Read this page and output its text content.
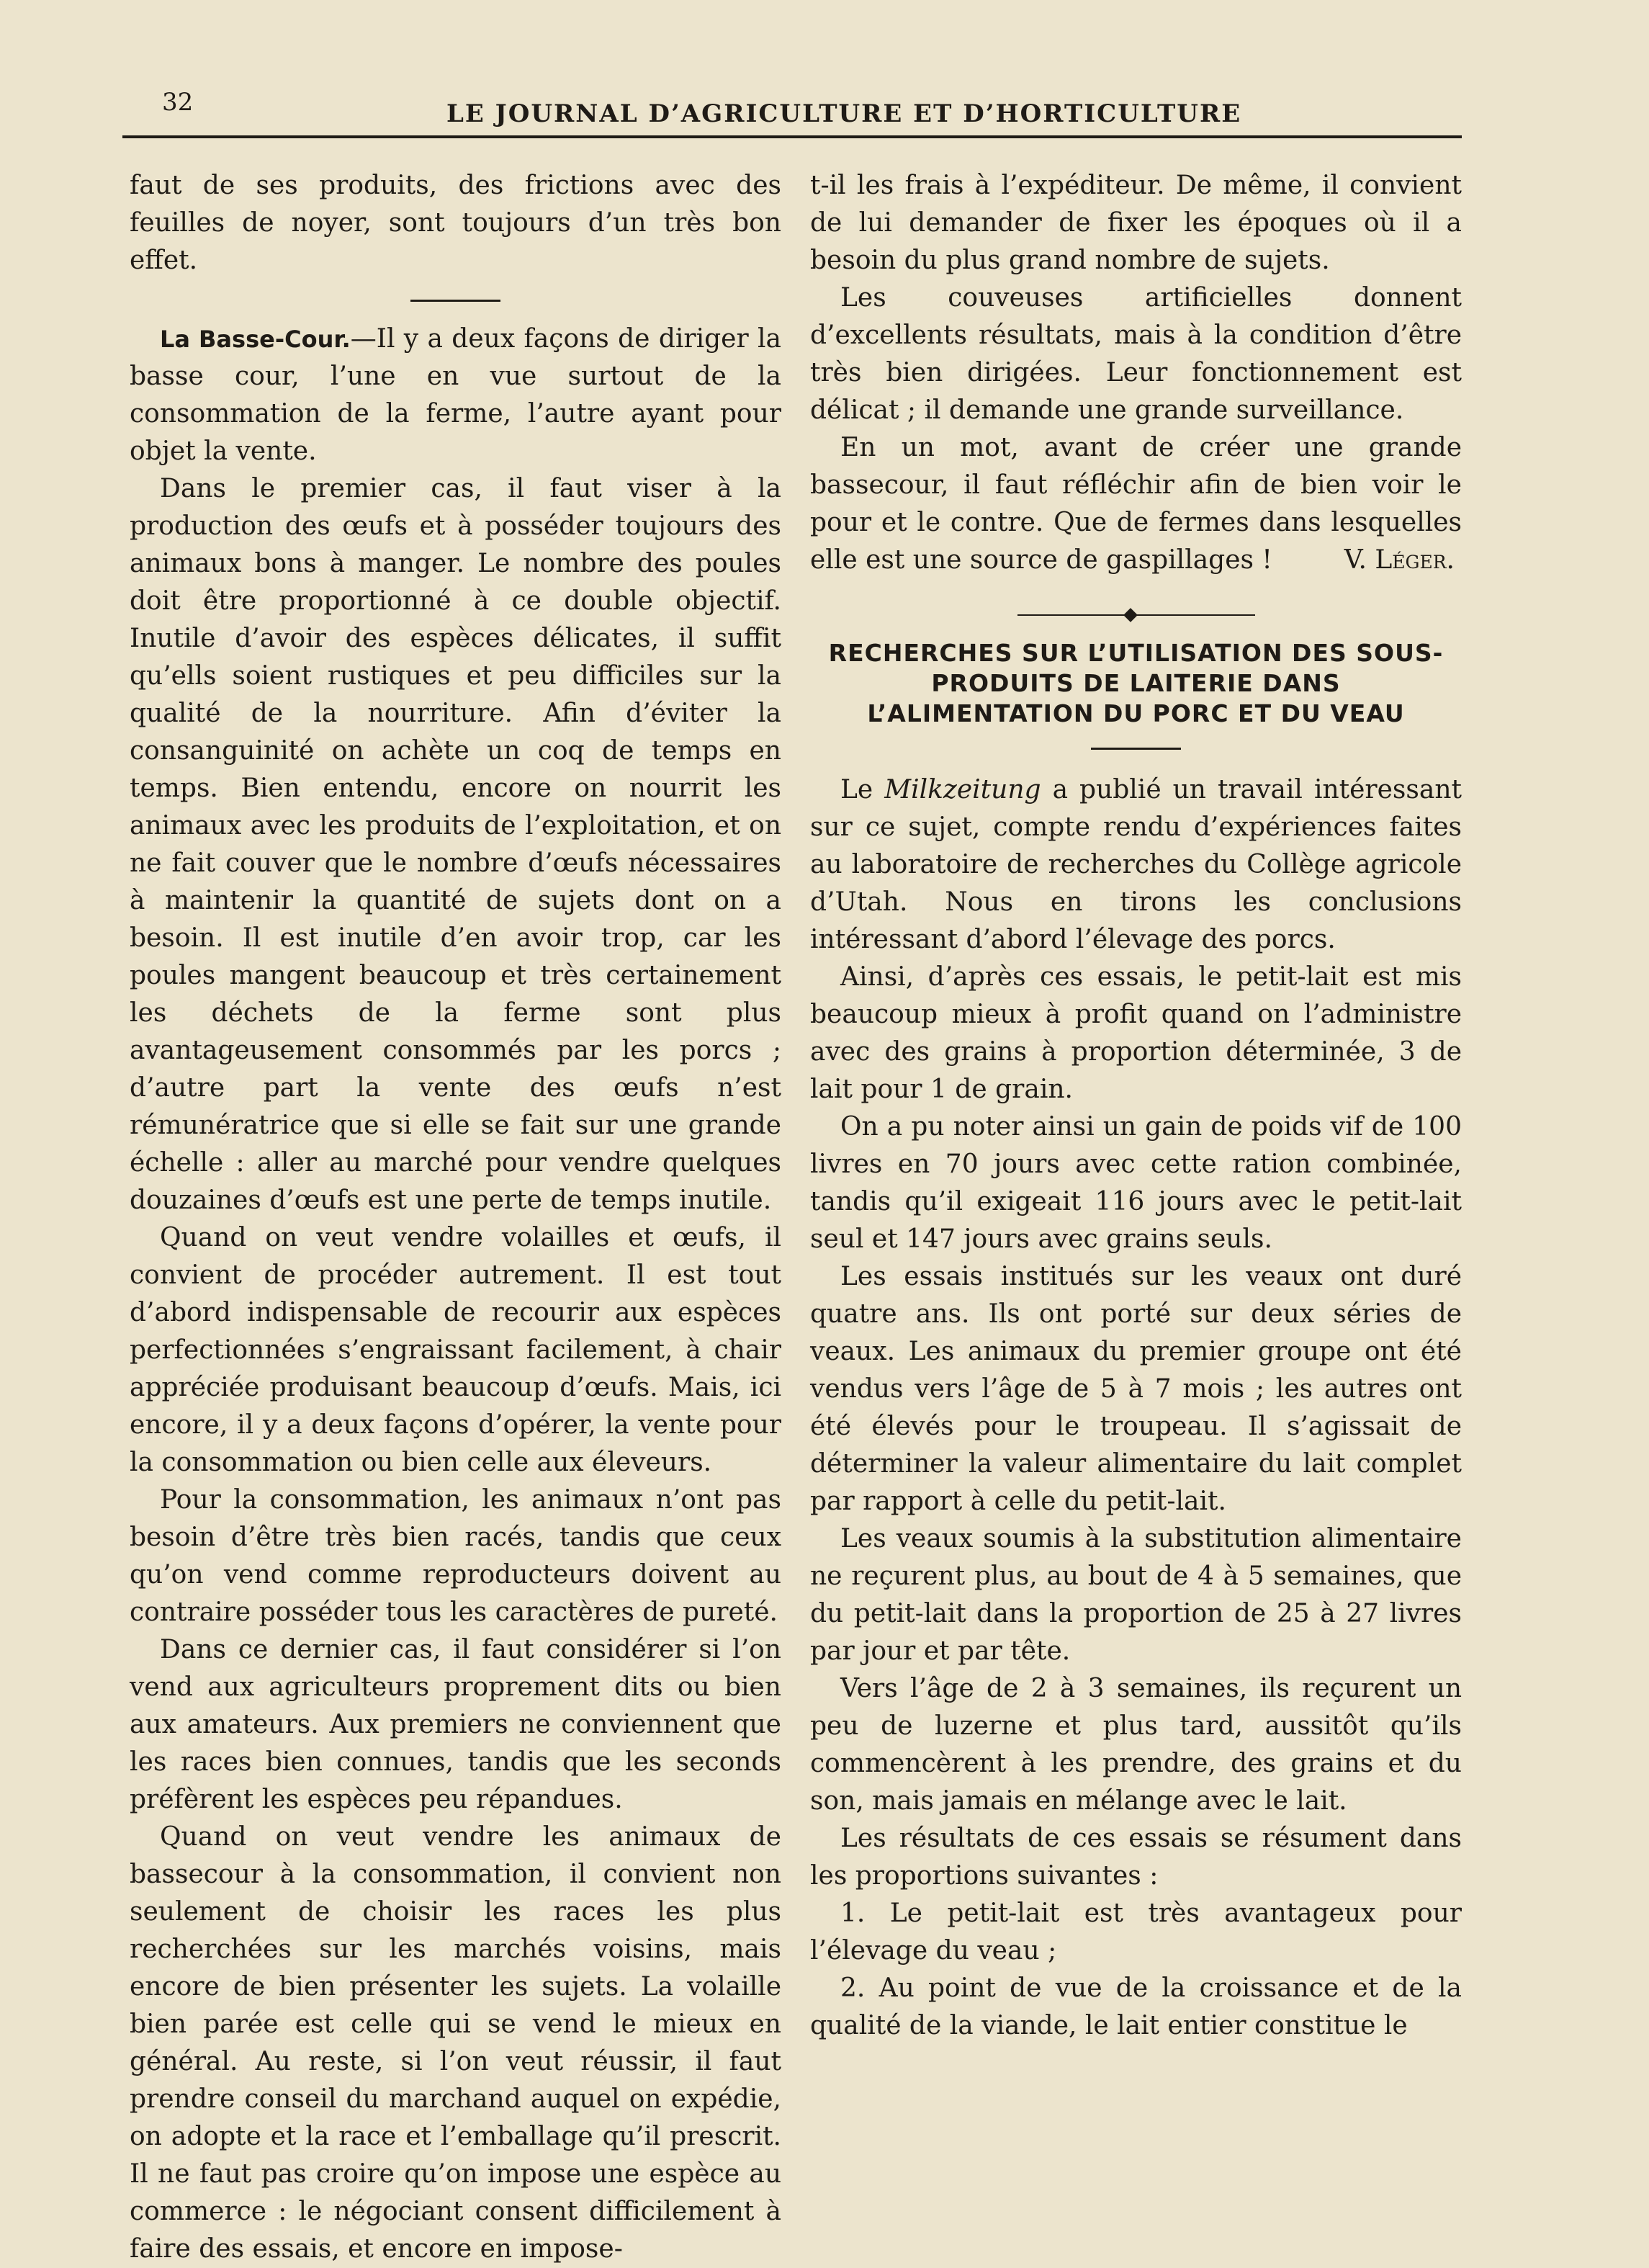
32	LE JOURNAL D’AGRICULTURE ET D’HORTICULTURE

faut de ses produits, des frictions avec des feuilles de noyer, sont toujours d’un très bon effet.

La Basse-Cour.—Il y a deux façons de diriger la basse cour, l’une en vue surtout de la consommation de la ferme, l’autre ayant pour objet la vente.

Dans le premier cas, il faut viser à la production des œufs et à posséder toujours des animaux bons à manger. Le nombre des poules doit être proportionné à ce double objectif. Inutile d’avoir des espèces délicates, il suffit qu’ells soient rustiques et peu difficiles sur la qualité de la nourriture. Afin d’éviter la consanguinité on achète un coq de temps en temps. Bien entendu, encore on nourrit les animaux avec les produits de l’exploitation, et on ne fait couver que le nombre d’œufs nécessaires à maintenir la quantité de sujets dont on a besoin. Il est inutile d’en avoir trop, car les poules mangent beaucoup et très certainement les déchets de la ferme sont plus avantageusement consommés par les porcs ; d’autre part la vente des œufs n’est rémunératrice que si elle se fait sur une grande échelle : aller au marché pour vendre quelques douzaines d’œufs est une perte de temps inutile.

Quand on veut vendre volailles et œufs, il convient de procéder autrement. Il est tout d’abord indispensable de recourir aux espèces perfectionnées s’engraissant facilement, à chair appréciée produisant beaucoup d’œufs. Mais, ici encore, il y a deux façons d’opérer, la vente pour la consommation ou bien celle aux éleveurs.

Pour la consommation, les animaux n’ont pas besoin d’être très bien racés, tandis que ceux qu’on vend comme reproducteurs doivent au contraire posséder tous les caractères de pureté.

Dans ce dernier cas, il faut considérer si l’on vend aux agriculteurs proprement dits ou bien aux amateurs. Aux premiers ne conviennent que les races bien connues, tandis que les seconds préfèrent les espèces peu répandues.

Quand on veut vendre les animaux de bassecour à la consommation, il convient non seulement de choisir les races les plus recherchées sur les marchés voisins, mais encore de bien présenter les sujets. La volaille bien parée est celle qui se vend le mieux en général. Au reste, si l’on veut réussir, il faut prendre conseil du marchand auquel on expédie, on adopte et la race et l’emballage qu’il prescrit. Il ne faut pas croire qu’on impose une espèce au commerce : le négociant consent difficilement à faire des essais, et encore en impose-

t-il les frais à l’expéditeur. De même, il convient de lui demander de fixer les époques où il a besoin du plus grand nombre de sujets.

Les couveuses artificielles donnent d’excellents résultats, mais à la condition d’être très bien dirigées. Leur fonctionnement est délicat ; il demande une grande surveillance.

En un mot, avant de créer une grande bassecour, il faut réfléchir afin de bien voir le pour et le contre. Que de fermes dans lesquelles elle est une source de gaspillages !	V. Léger.
RECHERCHES SUR L’UTILISATION DES SOUS-PRODUITS DE LAITERIE DANS L’ALIMENTATION DU PORC ET DU VEAU

Le Milkzeitung a publié un travail intéressant sur ce sujet, compte rendu d’expériences faites au laboratoire de recherches du Collège agricole d’Utah. Nous en tirons les conclusions intéressant d’abord l’élevage des porcs.

Ainsi, d’après ces essais, le petit-lait est mis beaucoup mieux à profit quand on l’administre avec des grains à proportion déterminée, 3 de lait pour 1 de grain.

On a pu noter ainsi un gain de poids vif de 100 livres en 70 jours avec cette ration combinée, tandis qu’il exigeait 116 jours avec le petit-lait seul et 147 jours avec grains seuls.

Les essais institués sur les veaux ont duré quatre ans. Ils ont porté sur deux séries de veaux. Les animaux du premier groupe ont été vendus vers l’âge de 5 à 7 mois ; les autres ont été élevés pour le troupeau. Il s’agissait de déterminer la valeur alimentaire du lait complet par rapport à celle du petit-lait.

Les veaux soumis à la substitution alimentaire ne reçurent plus, au bout de 4 à 5 semaines, que du petit-lait dans la proportion de 25 à 27 livres par jour et par tête.

Vers l’âge de 2 à 3 semaines, ils reçurent un peu de luzerne et plus tard, aussitôt qu’ils commencèrent à les prendre, des grains et du son, mais jamais en mélange avec le lait.

Les résultats de ces essais se résument dans les proportions suivantes :

1. Le petit-lait est très avantageux pour l’élevage du veau ;

2. Au point de vue de la croissance et de la qualité de la viande, le lait entier constitue le
